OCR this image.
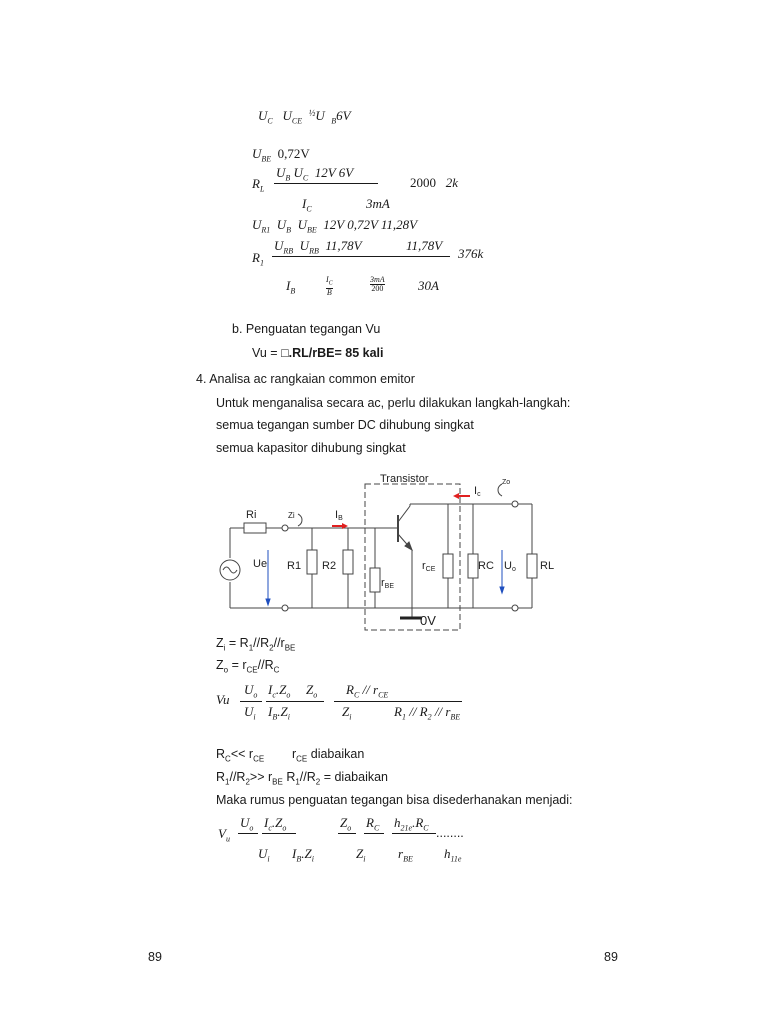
$U_C$ $U_{CE}$  $^{\frac{1}{2}}$U $_B$6V
$U_{BE}$ 0,72V
$R_L$
$U_B$ $U_C$ 12V 6V
2000 2k
$I_C$	3mA
$U_{R1}$ $U_B$ $U_{BE}$ 12V 0,72V 11,28V
$R_1$
$U_{RB}$ $U_{RB}$ 11,78V	11,78V
376k
$I_B$
$I_C$
B
3mA
200	30A
b. Penguatan tegangan Vu
Vu = □.RL/rBE= 85 kali
4. Analisa ac rangkaian common emitor
Untuk menganalisa secara ac, perlu dilakukan langkah-langkah:
semua tegangan sumber DC dihubung singkat
semua kapasitor dihubung singkat
Transistor
Ri	Zi	IB
Ic
Zo
Ue R1 R2
rBE
rCE	RC Uo RL
0V
$Z_i = R_1//R_2//r_{BE}$
$Z_o = r_{CE}//R_C$
Vu
$U_o$
$U_i$
$I_c.Z_o$
$I_B.Z_i$
$Z_o$
$Z_i$
$R_C // r_{CE}$
$R_1 // R_2 // r_{BE}$
$R_C<< r_{CE}$ $r_{CE}$ diabaikan
$R_1//R_2>> r_{BE}$ $R_1//R_2$ = diabaikan
Maka rumus penguatan tegangan bisa disederhanakan menjadi:
$V_u$
$U_o$
$U_i$
$I_c.Z_o$
$I_B.Z_i$
$Z_o$
$Z_i$
$R_C$
$r_{BE}$
$h_{21e}.R_C$
$h_{11e}$
........
89	89
